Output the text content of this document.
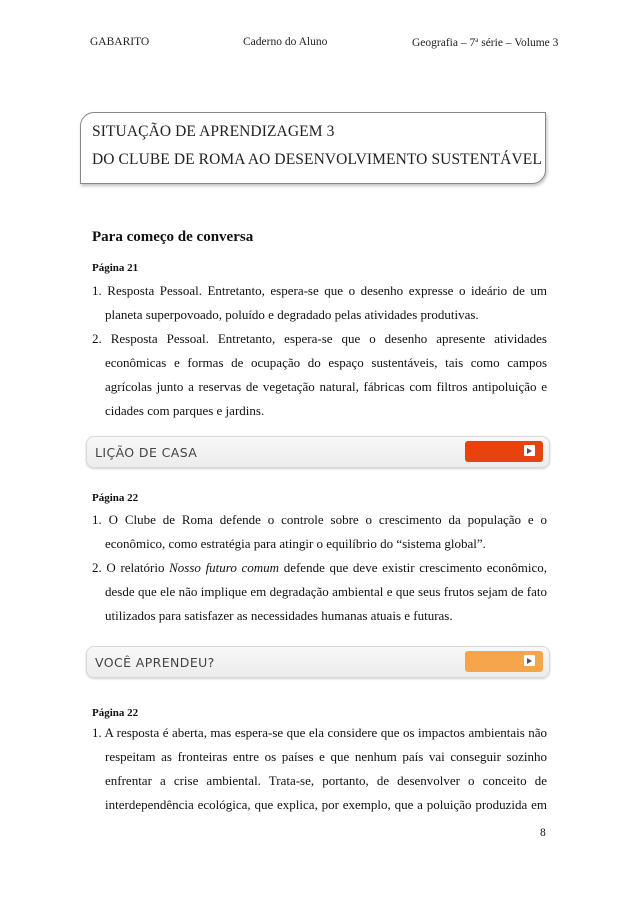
GABARITO	Caderno do Aluno	Geografia – 7$^a$ série – Volume 3
SITUAÇÃO DE APRENDIZAGEM 3
DO CLUBE DE ROMA AO DESENVOLVIMENTO SUSTENTÁVEL
Para começo de conversa
Página 21
1. Resposta Pessoal. Entretanto, espera-se que o desenho expresse o ideário de um
planeta superpovoado, poluído e degradado pelas atividades produtivas.
2. Resposta Pessoal. Entretanto, espera-se que o desenho apresente atividades
econômicas e formas de ocupação do espaço sustentáveis, tais como campos
agrícolas junto a reservas de vegetação natural, fábricas com filtros antipoluição e
cidades com parques e jardins.
LIÇÃO DE CASA
Página 22
1. O Clube de Roma defende o controle sobre o crescimento da população e o
econômico, como estratégia para atingir o equilíbrio do “sistema global”.
2. O relatório Nosso futuro comum defende que deve existir crescimento econômico,
desde que ele não implique em degradação ambiental e que seus frutos sejam de fato
utilizados para satisfazer as necessidades humanas atuais e futuras.
VOCÊ APRENDEU?
Página 22
1. A resposta é aberta, mas espera-se que ela considere que os impactos ambientais não
respeitam as fronteiras entre os países e que nenhum país vai conseguir sozinho
enfrentar a crise ambiental. Trata-se, portanto, de desenvolver o conceito de
interdependência ecológica, que explica, por exemplo, que a poluição produzida em
8
